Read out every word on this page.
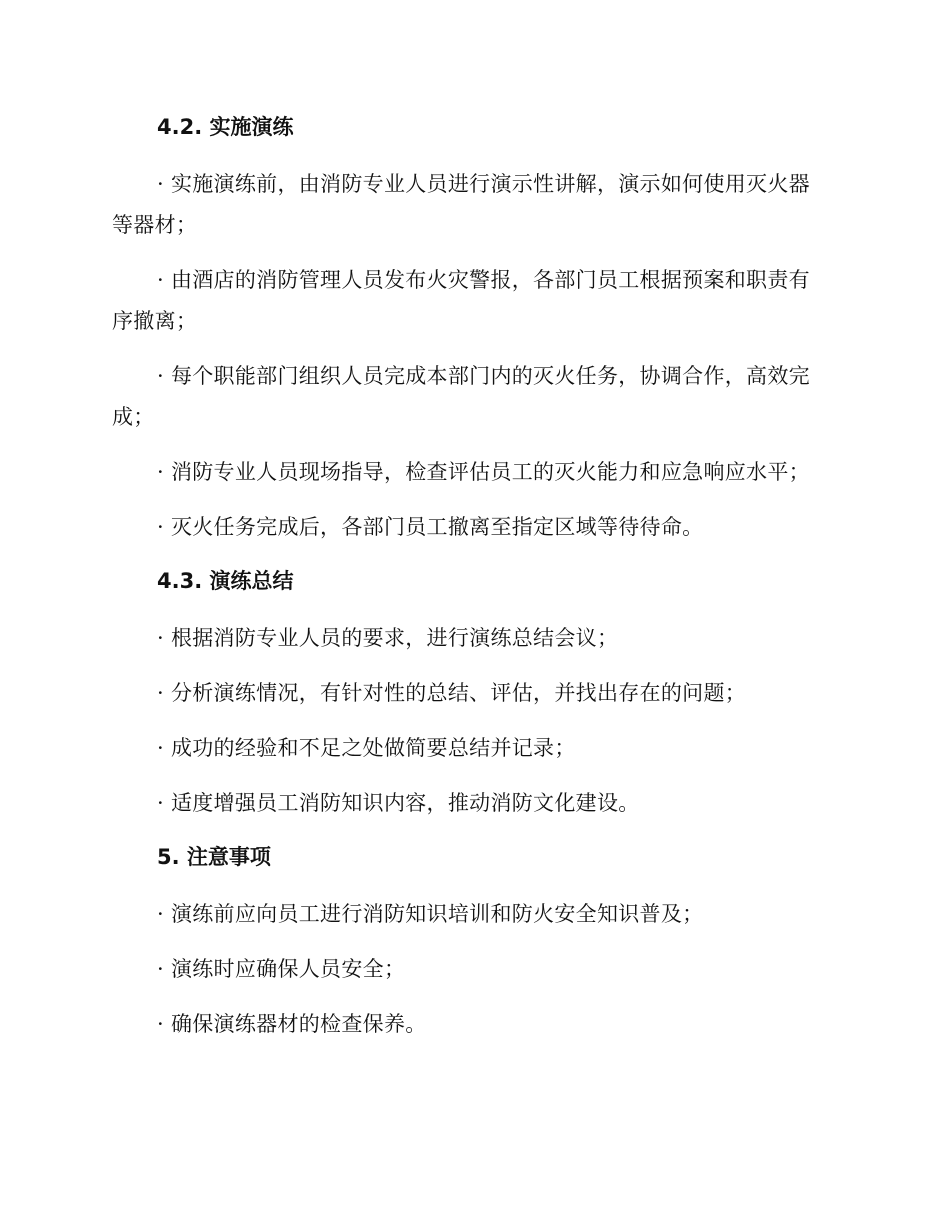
4.2. 实施演练

· 实施演练前，由消防专业人员进行演示性讲解，演示如何使用灭火器等器材；

· 由酒店的消防管理人员发布火灾警报，各部门员工根据预案和职责有序撤离；

· 每个职能部门组织人员完成本部门内的灭火任务，协调合作，高效完成；

· 消防专业人员现场指导，检查评估员工的灭火能力和应急响应水平；

· 灭火任务完成后，各部门员工撤离至指定区域等待待命。

4.3. 演练总结

· 根据消防专业人员的要求，进行演练总结会议；

· 分析演练情况，有针对性的总结、评估，并找出存在的问题；

· 成功的经验和不足之处做简要总结并记录；

· 适度增强员工消防知识内容，推动消防文化建设。

5. 注意事项

· 演练前应向员工进行消防知识培训和防火安全知识普及；

· 演练时应确保人员安全；

· 确保演练器材的检查保养。
